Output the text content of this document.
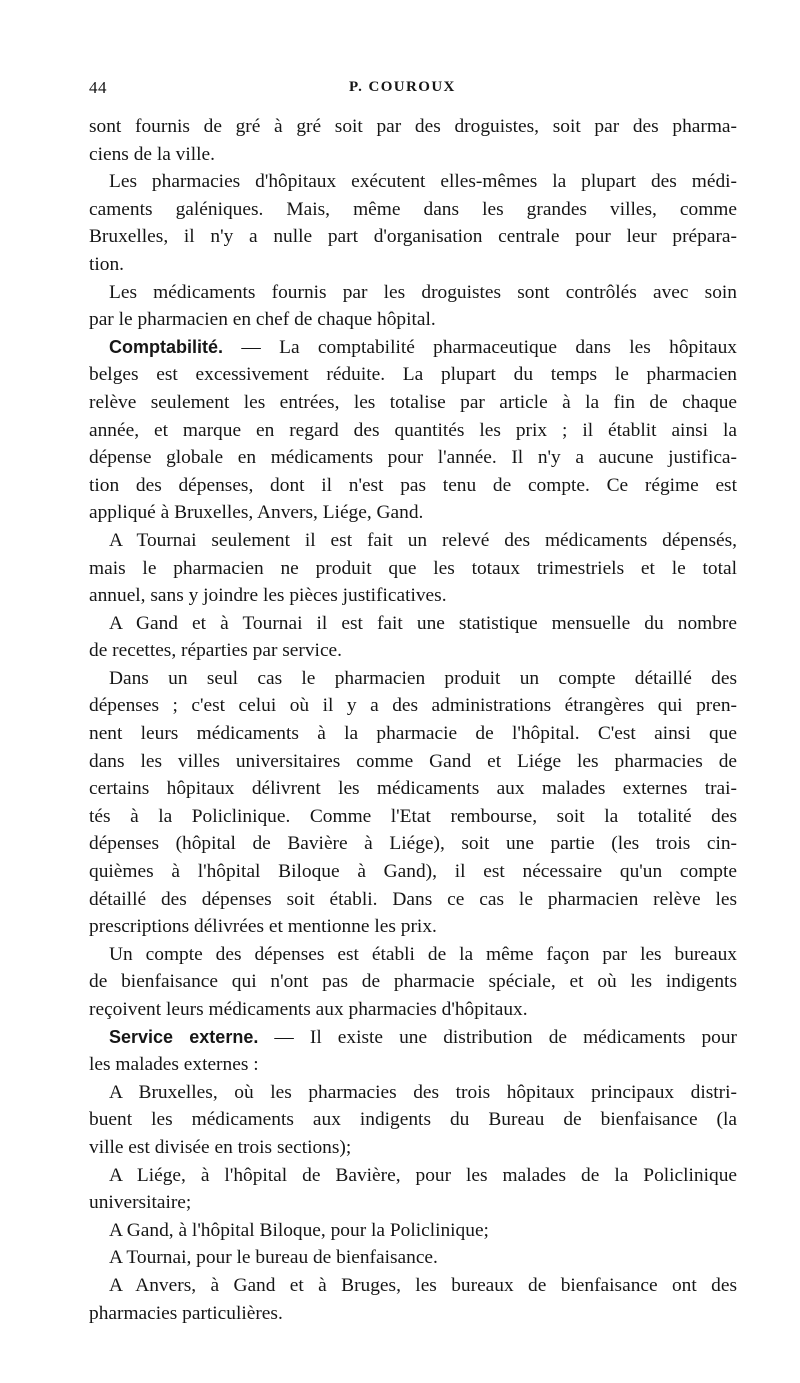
44	P. COUROUX
sont fournis de gré à gré soit par des droguistes, soit par des pharma-
ciens de la ville.
Les pharmacies d'hôpitaux exécutent elles-mêmes la plupart des médi-
caments galéniques. Mais, même dans les grandes villes, comme
Bruxelles, il n'y a nulle part d'organisation centrale pour leur prépara-
tion.
Les médicaments fournis par les droguistes sont contrôlés avec soin
par le pharmacien en chef de chaque hôpital.
Comptabilité. — La comptabilité pharmaceutique dans les hôpitaux
belges est excessivement réduite. La plupart du temps le pharmacien
relève seulement les entrées, les totalise par article à la fin de chaque
année, et marque en regard des quantités les prix ; il établit ainsi la
dépense globale en médicaments pour l'année. Il n'y a aucune justifica-
tion des dépenses, dont il n'est pas tenu de compte. Ce régime est
appliqué à Bruxelles, Anvers, Liége, Gand.
A Tournai seulement il est fait un relevé des médicaments dépensés,
mais le pharmacien ne produit que les totaux trimestriels et le total
annuel, sans y joindre les pièces justificatives.
A Gand et à Tournai il est fait une statistique mensuelle du nombre
de recettes, réparties par service.
Dans un seul cas le pharmacien produit un compte détaillé des
dépenses ; c'est celui où il y a des administrations étrangères qui pren-
nent leurs médicaments à la pharmacie de l'hôpital. C'est ainsi que
dans les villes universitaires comme Gand et Liége les pharmacies de
certains hôpitaux délivrent les médicaments aux malades externes trai-
tés à la Policlinique. Comme l'Etat rembourse, soit la totalité des
dépenses (hôpital de Bavière à Liége), soit une partie (les trois cin-
quièmes à l'hôpital Biloque à Gand), il est nécessaire qu'un compte
détaillé des dépenses soit établi. Dans ce cas le pharmacien relève les
prescriptions délivrées et mentionne les prix.
Un compte des dépenses est établi de la même façon par les bureaux
de bienfaisance qui n'ont pas de pharmacie spéciale, et où les indigents
reçoivent leurs médicaments aux pharmacies d'hôpitaux.
Service externe. — Il existe une distribution de médicaments pour
les malades externes :
A Bruxelles, où les pharmacies des trois hôpitaux principaux distri-
buent les médicaments aux indigents du Bureau de bienfaisance (la
ville est divisée en trois sections);
A Liége, à l'hôpital de Bavière, pour les malades de la Policlinique
universitaire;
A Gand, à l'hôpital Biloque, pour la Policlinique;
A Tournai, pour le bureau de bienfaisance.
A Anvers, à Gand et à Bruges, les bureaux de bienfaisance ont des
pharmacies particulières.
